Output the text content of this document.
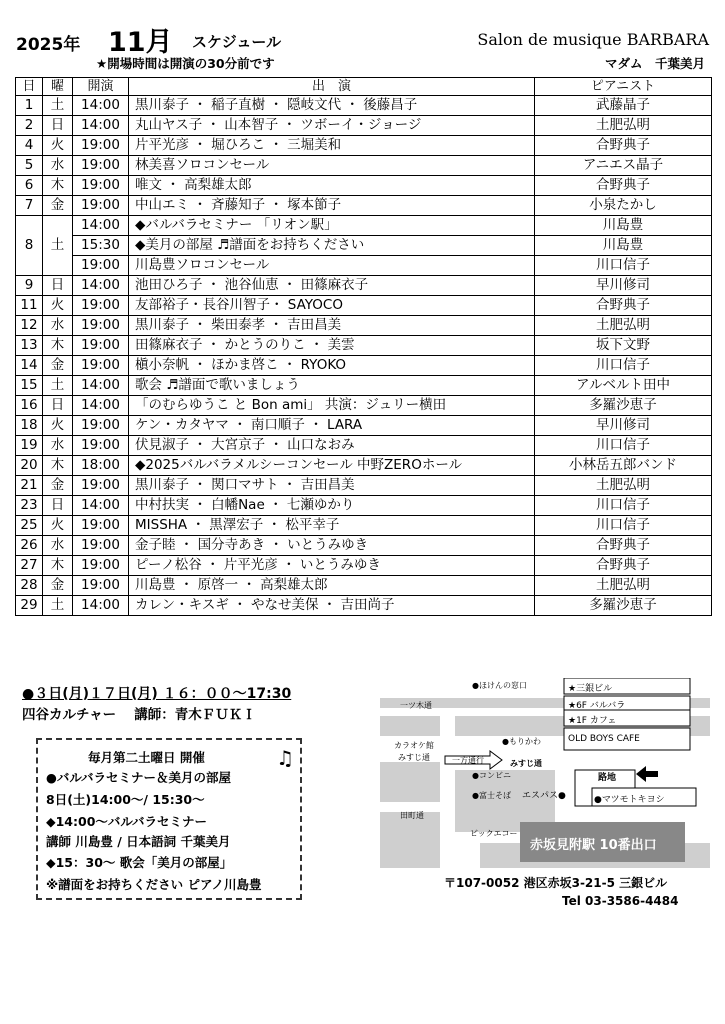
2025年 11月 スケジュール	Salon de musique BARBARA
★開場時間は開演の30分前です	マダム　千葉美月
日	曜	開演	出　演	ピアニスト
1	土	14:00	黒川泰子 ・ 稲子直樹 ・ 隠岐文代 ・ 後藤昌子	武藤晶子
2	日	14:00	丸山ヤス子 ・ 山本智子 ・ ツボーイ・ジョージ	土肥弘明
4	火	19:00	片平光彦 ・ 堀ひろこ ・ 三堀美和	合野典子
5	水	19:00	林美喜ソロコンセール	アニエス晶子
6	木	19:00	唯文 ・ 高梨雄太郎	合野典子
7	金	19:00	中山エミ ・ 斉藤知子 ・ 塚本節子	小泉たかし
8	土	14:00	◆バルバラセミナー 「リオン駅」	川島豊
		15:30	◆美月の部屋 ♬譜面をお持ちください	川島豊
		19:00	川島豊ソロコンセール	川口信子
9	日	14:00	池田ひろ子 ・ 池谷仙恵 ・ 田篠麻衣子	早川修司
11	火	19:00	友部裕子・長谷川智子・ SAYOCO	合野典子
12	水	19:00	黒川泰子 ・ 柴田泰孝 ・ 吉田昌美	土肥弘明
13	木	19:00	田篠麻衣子 ・ かとうのりこ ・ 美雲	坂下文野
14	金	19:00	槇小奈帆 ・ ほかま啓こ ・ RYOKO	川口信子
15	土	14:00	歌会 ♬譜面で歌いましょう	アルベルト田中
16	日	14:00	「のむらゆうこ と Bon ami」 共演：ジュリー横田	多羅沙恵子
18	火	19:00	ケン・カタヤマ ・ 南口順子 ・ LARA	早川修司
19	水	19:00	伏見淑子 ・ 大宮京子 ・ 山口なおみ	川口信子
20	木	18:00	◆2025バルバラメルシーコンセール 中野ZEROホール	小林岳五郎バンド
21	金	19:00	黒川泰子 ・ 関口マサト ・ 吉田昌美	土肥弘明
23	日	14:00	中村扶実 ・ 白幡Nae ・ 七瀬ゆかり	川口信子
25	火	19:00	MISSHA ・ 黒澤宏子 ・ 松平幸子	川口信子
26	水	19:00	金子睦 ・ 国分寺あき ・ いとうみゆき	合野典子
27	木	19:00	ピーノ松谷 ・ 片平光彦 ・ いとうみゆき	合野典子
28	金	19:00	川島豊 ・ 原啓一 ・ 高梨雄太郎	土肥弘明
29	土	14:00	カレン・キスギ ・ やなせ美保 ・ 吉田尚子	多羅沙恵子
●３日(月)１７日(月) １６：００～17:30
四谷カルチャー　 講師：青木ＦＵＫＩ
毎月第二土曜日 開催
●バルバラセミナー＆美月の部屋
8日(土)14:00～/ 15:30～
◆14:00～バルバラセミナー
講師 川島豊 / 日本語詞 千葉美月
◆15：30～ 歌会「美月の部屋」
※譜面をお持ちください ピアノ川島豊
♫
●ほけんの窓口
一ツ木通
カラオケ館
みすじ通	一方通行
●もりかわ
みすじ通
●コンビニ
●富士そば
田町通
ビックエコー
★三銀ビル
★6F バルバラ
★1F カフェ
OLD BOYS CAFE
路地
エスパス●	●マツモトキヨシ
赤坂見附駅 10番出口
〒107-0052 港区赤坂3-21-5 三銀ビル
Tel 03-3586-4484
